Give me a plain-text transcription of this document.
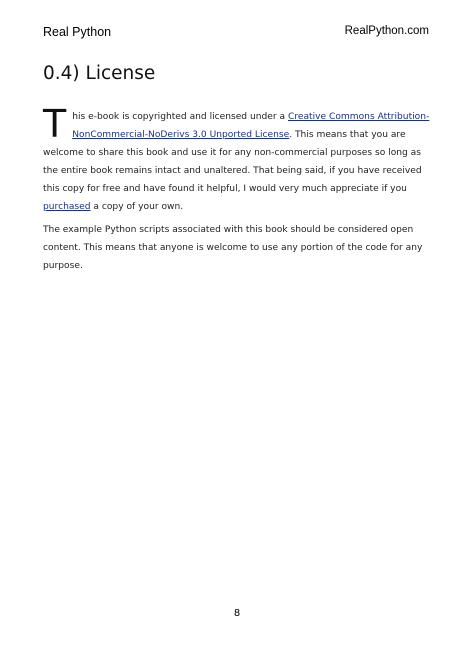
Real Python	RealPython.com
0.4) License

This e-book is copyrighted and licensed under a Creative Commons Attribution-NonCommercial-NoDerivs 3.0 Unported License. This means that you are welcome to share this book and use it for any non-commercial purposes so long as the entire book remains intact and unaltered. That being said, if you have received this copy for free and have found it helpful, I would very much appreciate if you purchased a copy of your own.

The example Python scripts associated with this book should be considered open content. This means that anyone is welcome to use any portion of the code for any purpose.

8
